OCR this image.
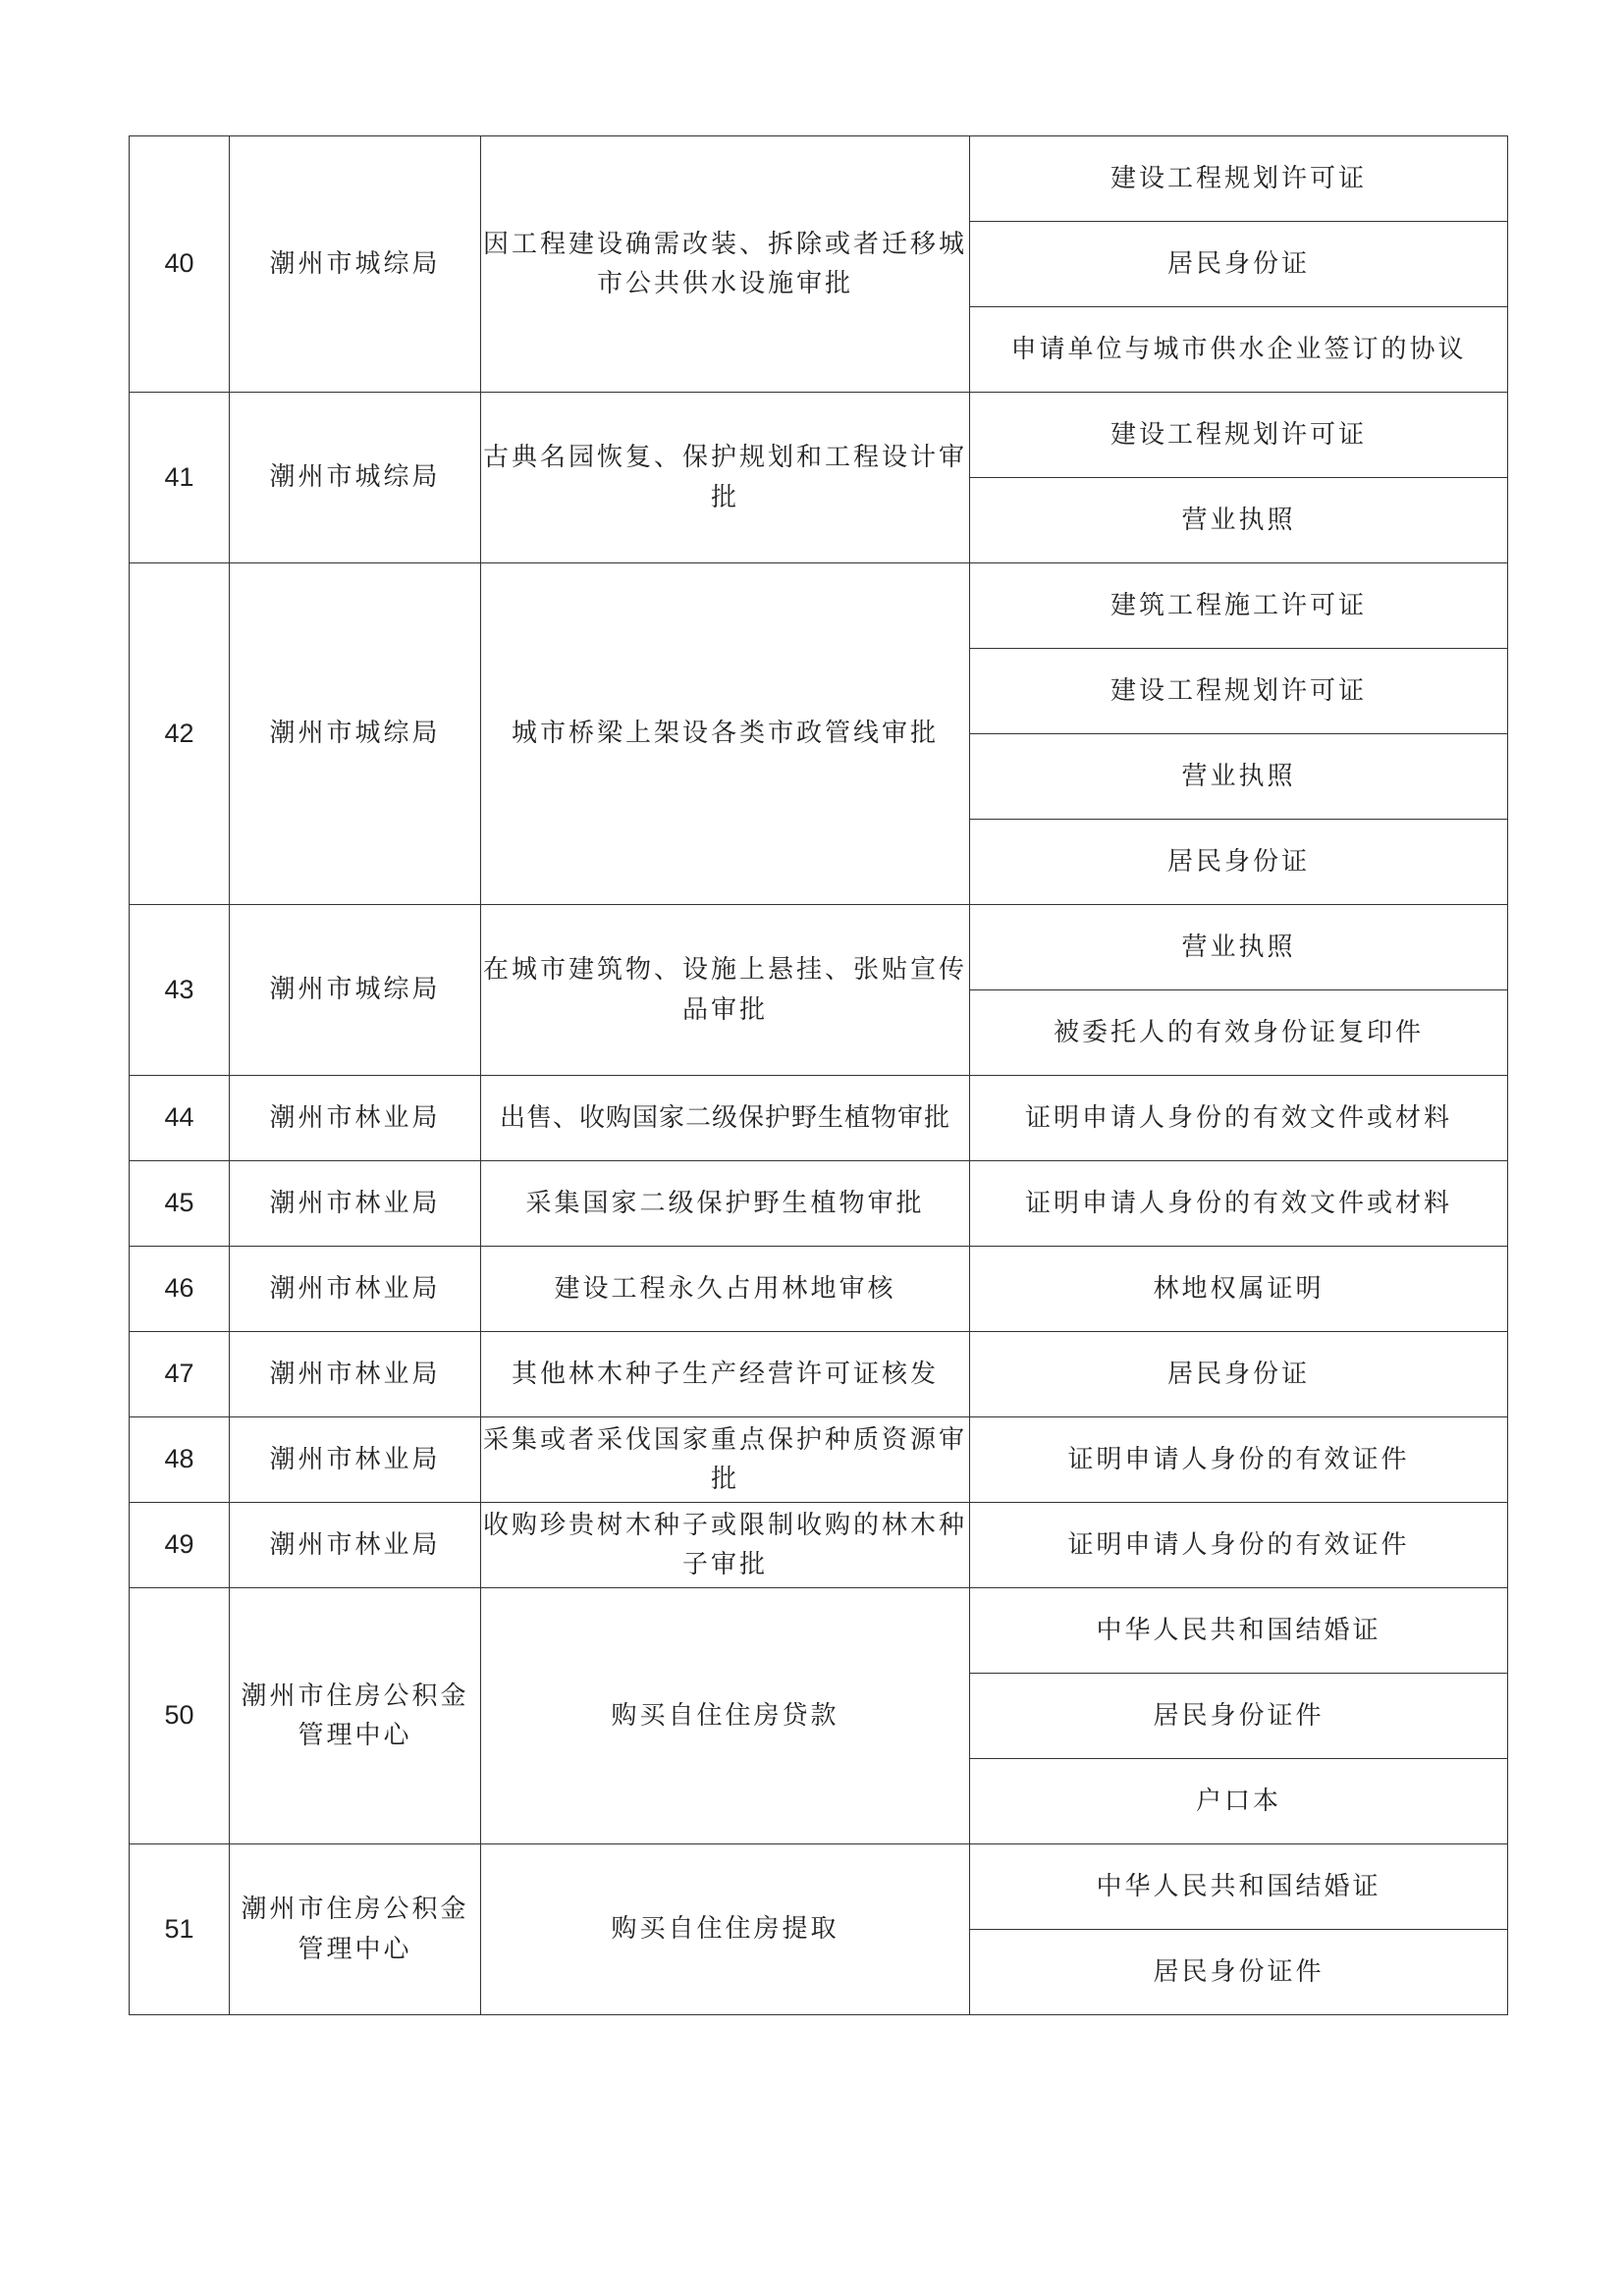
40	潮州市城综局	因工程建设确需改装、拆除或者迁移城市公共供水设施审批	建设工程规划许可证
			居民身份证
			申请单位与城市供水企业签订的协议
41	潮州市城综局	古典名园恢复、保护规划和工程设计审批	建设工程规划许可证
			营业执照
42	潮州市城综局	城市桥梁上架设各类市政管线审批	建筑工程施工许可证
			建设工程规划许可证
			营业执照
			居民身份证
43	潮州市城综局	在城市建筑物、设施上悬挂、张贴宣传品审批	营业执照
			被委托人的有效身份证复印件
44	潮州市林业局	出售、收购国家二级保护野生植物审批	证明申请人身份的有效文件或材料
45	潮州市林业局	采集国家二级保护野生植物审批	证明申请人身份的有效文件或材料
46	潮州市林业局	建设工程永久占用林地审核	林地权属证明
47	潮州市林业局	其他林木种子生产经营许可证核发	居民身份证
48	潮州市林业局	采集或者采伐国家重点保护种质资源审批	证明申请人身份的有效证件
49	潮州市林业局	收购珍贵树木种子或限制收购的林木种子审批	证明申请人身份的有效证件
50	潮州市住房公积金管理中心	购买自住住房贷款	中华人民共和国结婚证
			居民身份证件
			户口本
51	潮州市住房公积金管理中心	购买自住住房提取	中华人民共和国结婚证
			居民身份证件
